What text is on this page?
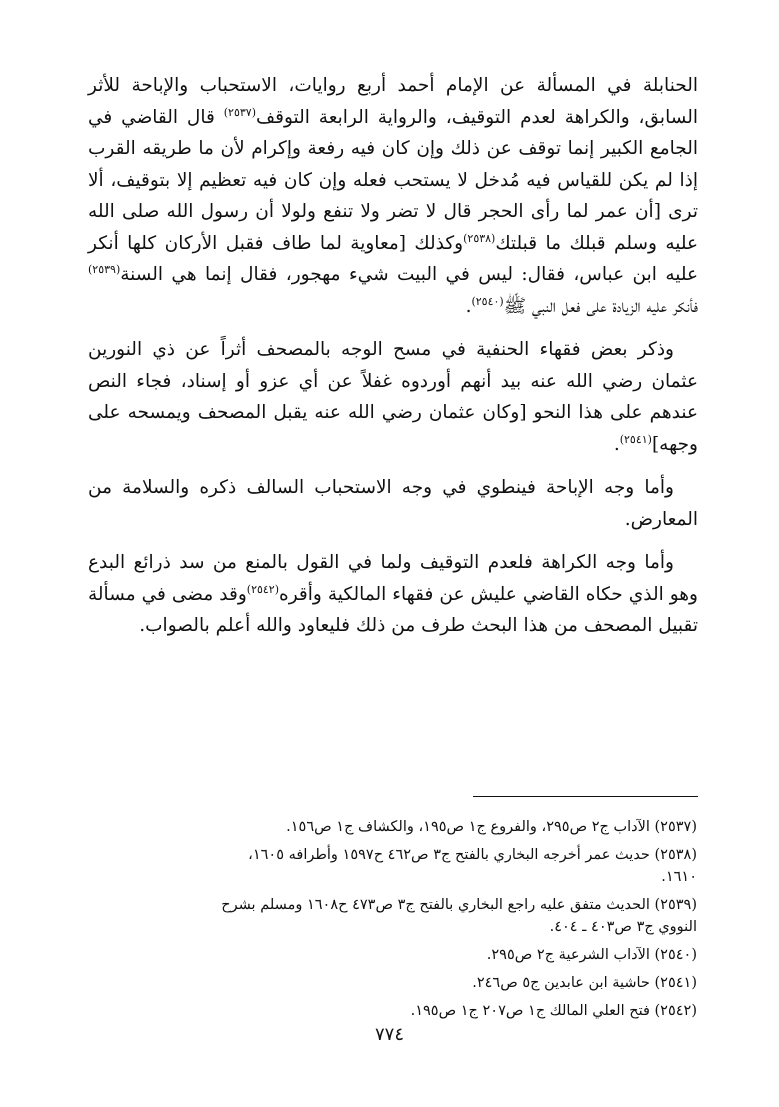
الحنابلة في المسألة عن الإمام أحمد أربع روايات، الاستحباب والإباحة للأثر السابق، والكراهة لعدم التوقيف، والرواية الرابعة التوقف$^{(٢٥٣٧)}$ قال القاضي في الجامع الكبير إنما توقف عن ذلك وإن كان فيه رفعة وإكرام لأن ما طريقه القرب إذا لم يكن للقياس فيه مُدخل لا يستحب فعله وإن كان فيه تعظيم إلا بتوقيف، ألا ترى [أن عمر لما رأى الحجر قال لا تضر ولا تنفع ولولا أن رسول الله صلى الله عليه وسلم قبلك ما قبلتك$^{(٢٥٣٨)}$وكذلك [معاوية لما طاف فقبل الأركان كلها أنكر عليه ابن عباس، فقال: ليس في البيت شيء مهجور، فقال إنما هي السنة$^{(٢٥٣٩)}$ فأنكر عليه الزيادة على فعل النبي ﷺ$^{(٢٥٤٠)}$.

وذكر بعض فقهاء الحنفية في مسح الوجه بالمصحف أثراً عن ذي النورين عثمان رضي الله عنه بيد أنهم أوردوه غفلاً عن أي عزو أو إسناد، فجاء النص عندهم على هذا النحو [وكان عثمان رضي الله عنه يقبل المصحف ويمسحه على وجهه]$^{(٢٥٤١)}$.

وأما وجه الإباحة فينطوي في وجه الاستحباب السالف ذكره والسلامة من المعارض.

وأما وجه الكراهة فلعدم التوقيف ولما في القول بالمنع من سد ذرائع البدع وهو الذي حكاه القاضي عليش عن فقهاء المالكية وأقره$^{(٢٥٤٢)}$وقد مضى في مسألة تقبيل المصحف من هذا البحث طرف من ذلك فليعاود والله أعلم بالصواب.

(٢٥٣٧) الآداب ج٢ ص٢٩٥، والفروع ج١ ص١٩٥، والكشاف ج١ ص١٥٦.

(٢٥٣٨) حديث عمر أخرجه البخاري بالفتح ج٣ ص٤٦٢ ح١٥٩٧ وأطرافه ١٦٠٥، ١٦١٠.

(٢٥٣٩) الحديث متفق عليه راجع البخاري بالفتح ج٣ ص٤٧٣ ح١٦٠٨ ومسلم بشرح النووي ج٣ ص٤٠٣ ـ ٤٠٤.

(٢٥٤٠) الآداب الشرعية ج٢ ص٢٩٥.

(٢٥٤١) حاشية ابن عابدين ج٥ ص٢٤٦.

(٢٥٤٢) فتح العلي المالك ج١ ص٢٠٧ ج١ ص١٩٥.

٧٧٤
